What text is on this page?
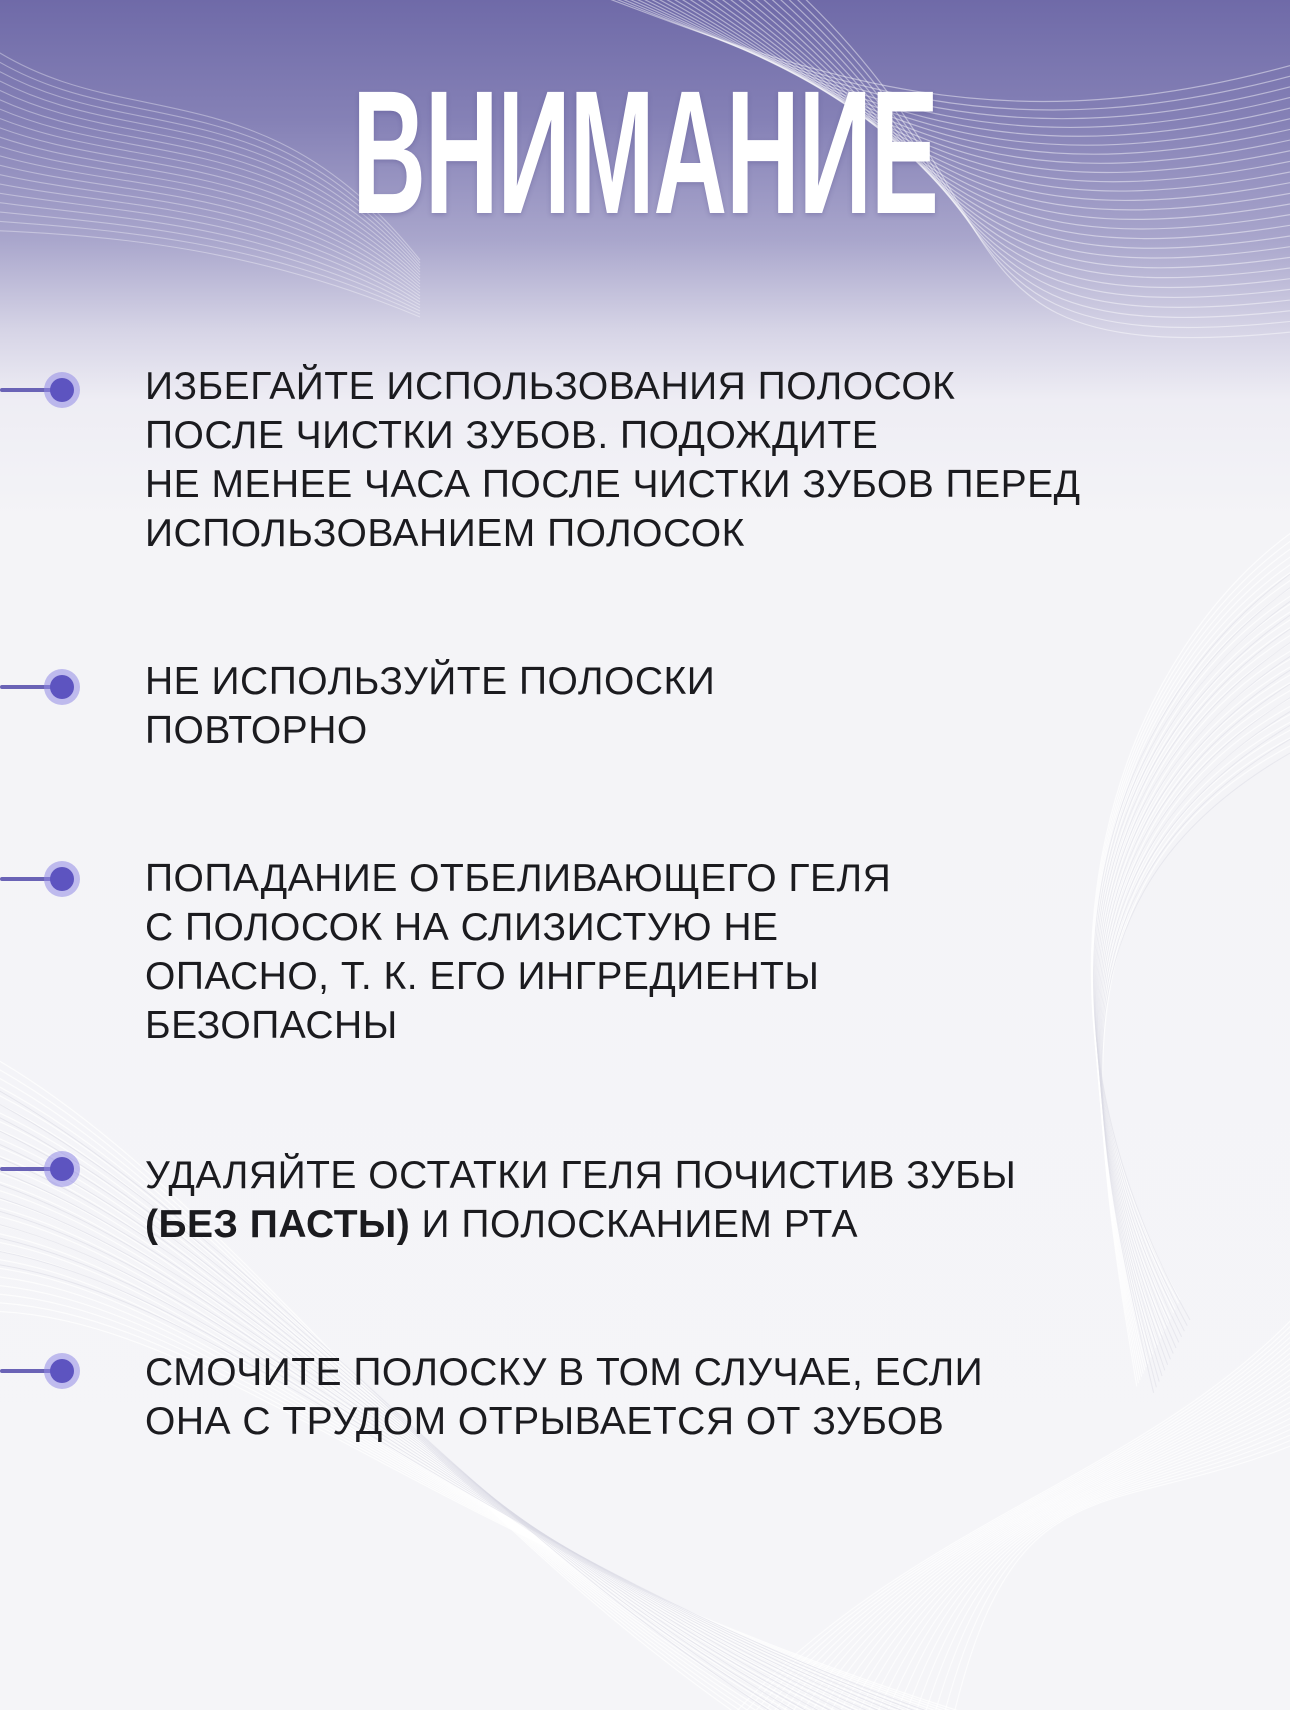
ВНИМАНИЕ
ИЗБЕГАЙТЕ ИСПОЛЬЗОВАНИЯ ПОЛОСОК
ПОСЛЕ ЧИСТКИ ЗУБОВ. ПОДОЖДИТЕ
НЕ МЕНЕЕ ЧАСА ПОСЛЕ ЧИСТКИ ЗУБОВ ПЕРЕД
ИСПОЛЬЗОВАНИЕМ ПОЛОСОК
НЕ ИСПОЛЬЗУЙТЕ ПОЛОСКИ
ПОВТОРНО
ПОПАДАНИЕ ОТБЕЛИВАЮЩЕГО ГЕЛЯ
С ПОЛОСОК НА СЛИЗИСТУЮ НЕ
ОПАСНО, Т. К. ЕГО ИНГРЕДИЕНТЫ
БЕЗОПАСНЫ
УДАЛЯЙТЕ ОСТАТКИ ГЕЛЯ ПОЧИСТИВ ЗУБЫ
(БЕЗ ПАСТЫ) И ПОЛОСКАНИЕМ РТА
СМОЧИТЕ ПОЛОСКУ В ТОМ СЛУЧАЕ, ЕСЛИ
ОНА С ТРУДОМ ОТРЫВАЕТСЯ ОТ ЗУБОВ
